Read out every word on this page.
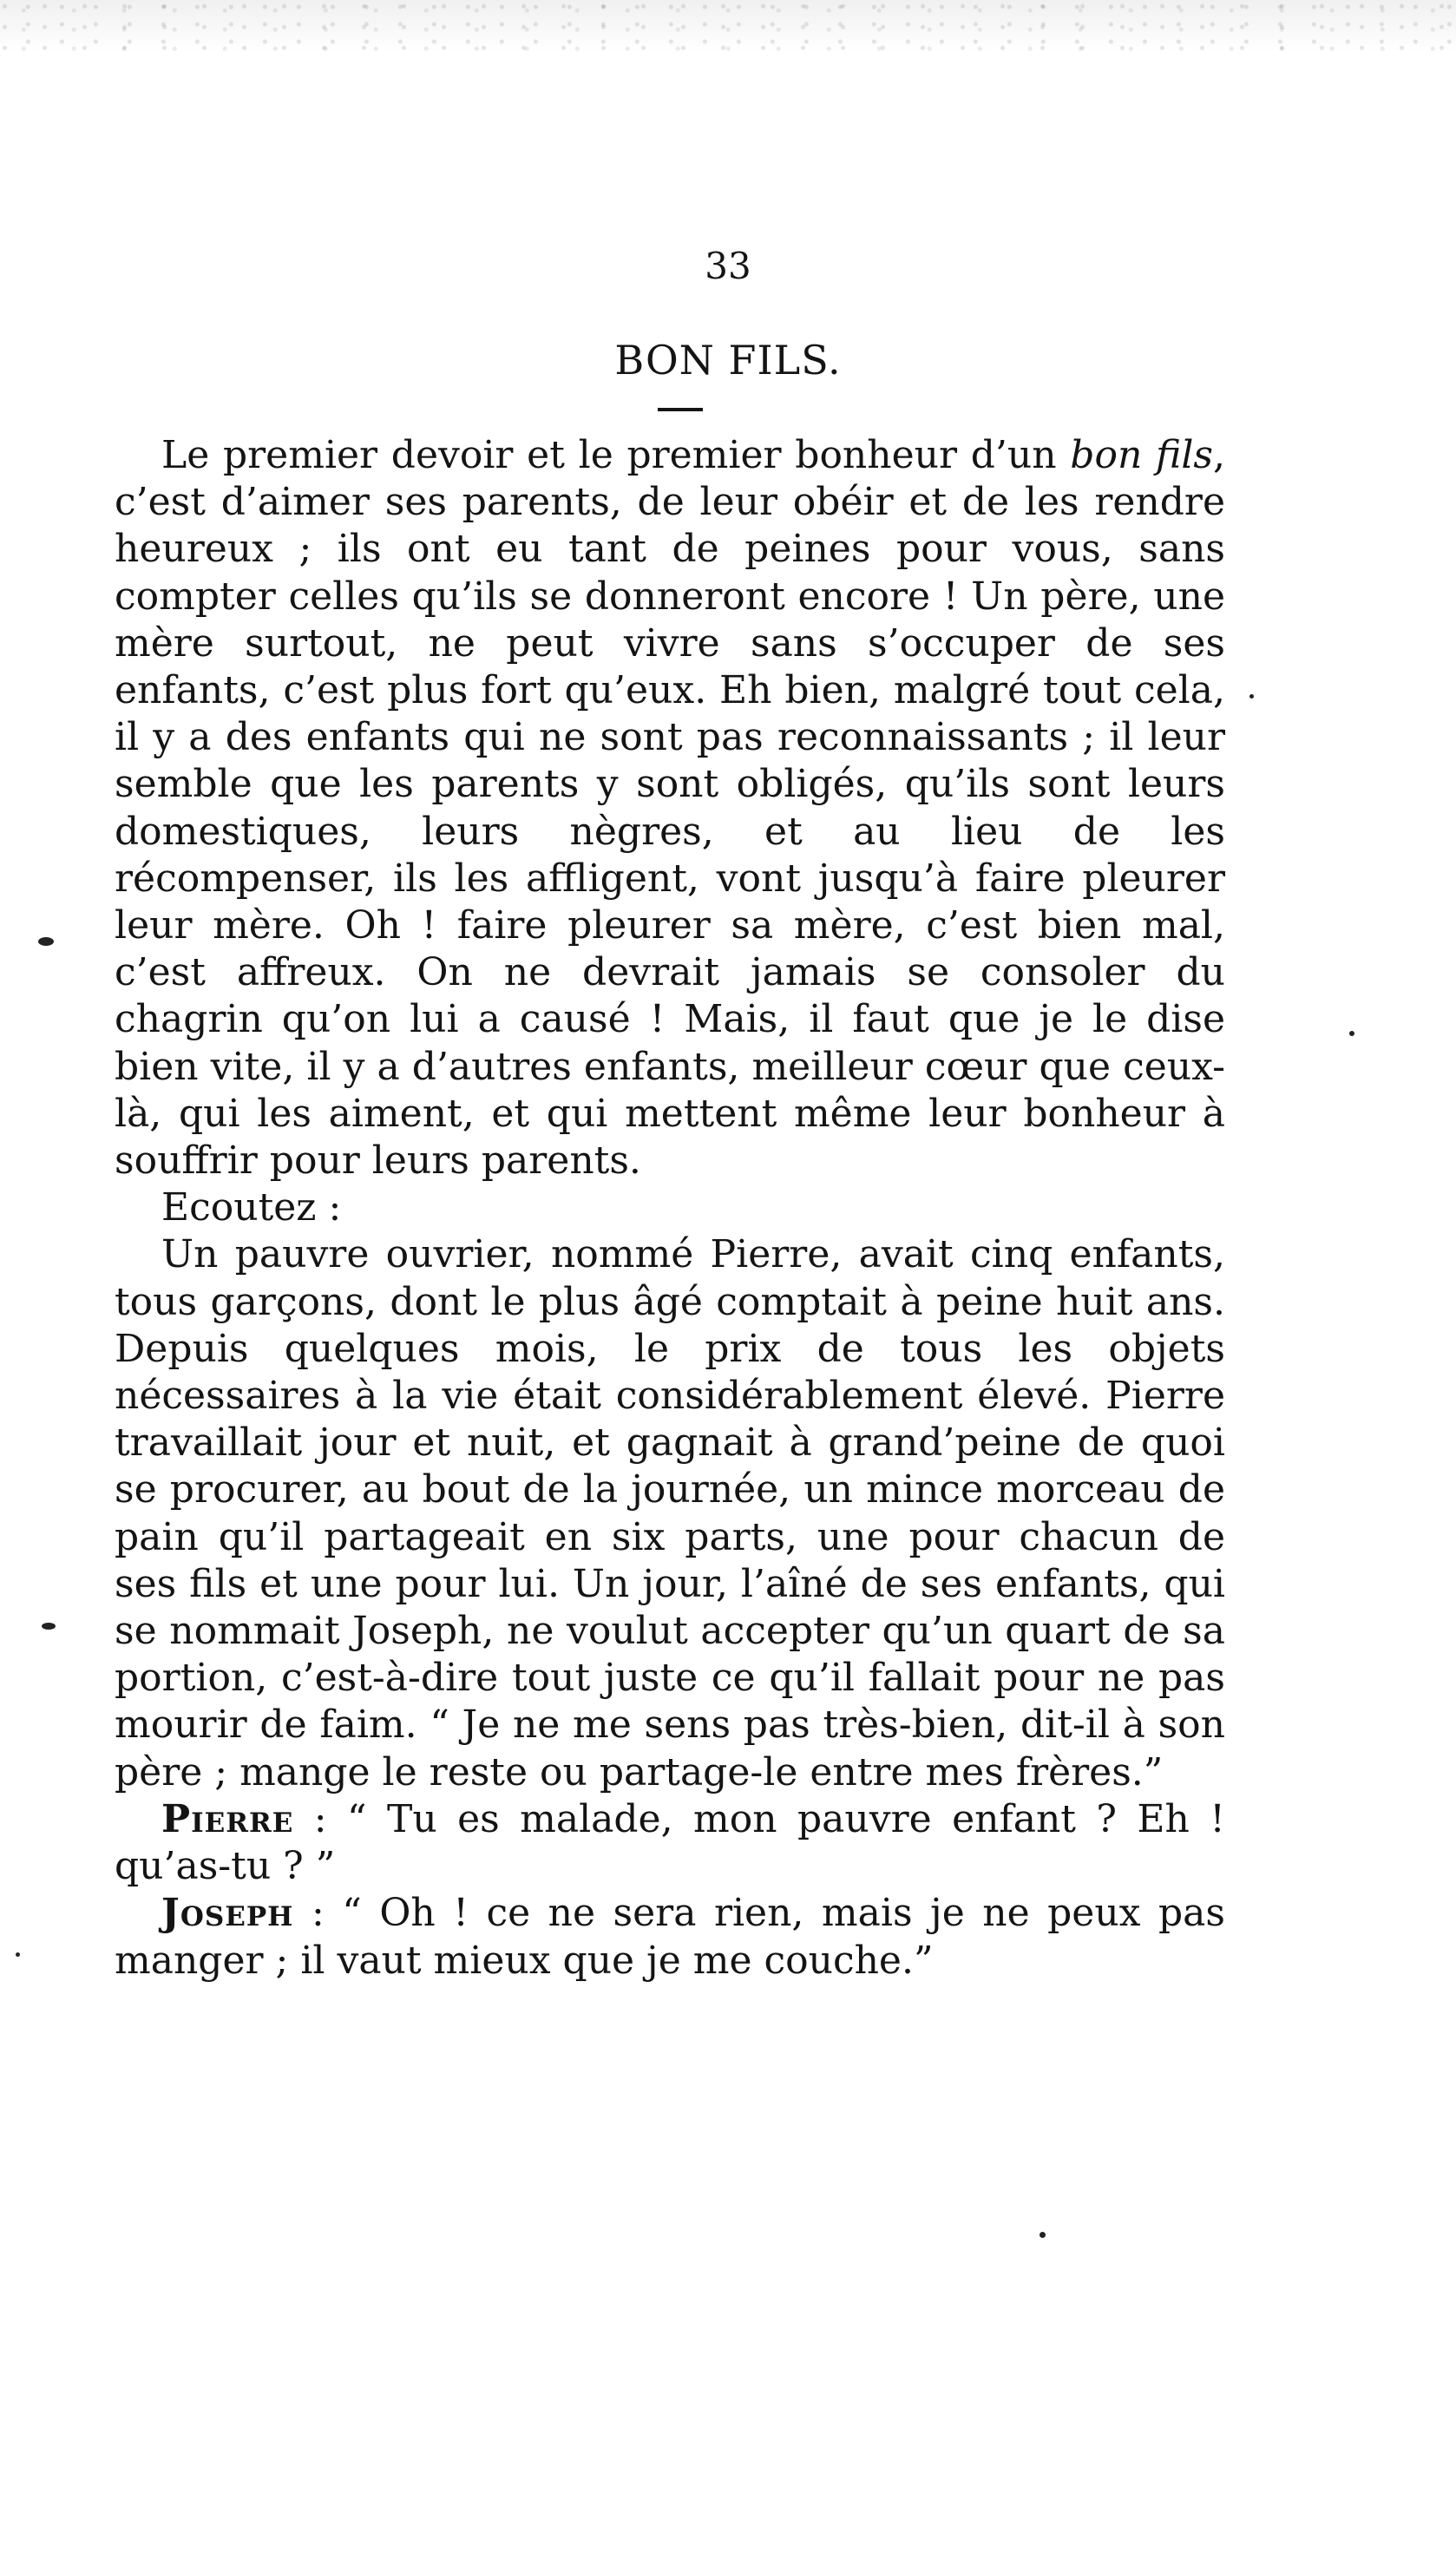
33
BON FILS.

Le premier devoir et le premier bonheur d’un bon fils, c’est d’aimer ses parents, de leur obéir et de les rendre heureux ; ils ont eu tant de peines pour vous, sans compter celles qu’ils se donneront encore ! Un père, une mère surtout, ne peut vivre sans s’occuper de ses enfants, c’est plus fort qu’eux. Eh bien, malgré tout cela, il y a des enfants qui ne sont pas reconnaissants ; il leur semble que les parents y sont obligés, qu’ils sont leurs domestiques, leurs nègres, et au lieu de les récompenser, ils les affligent, vont jusqu’à faire pleurer leur mère. Oh ! faire pleurer sa mère, c’est bien mal, c’est affreux. On ne devrait jamais se consoler du chagrin qu’on lui a causé ! Mais, il faut que je le dise bien vite, il y a d’autres enfants, meilleur cœur que ceux-là, qui les aiment, et qui mettent même leur bonheur à souffrir pour leurs parents.

Ecoutez :

Un pauvre ouvrier, nommé Pierre, avait cinq enfants, tous garçons, dont le plus âgé comptait à peine huit ans. Depuis quelques mois, le prix de tous les objets nécessaires à la vie était considérablement élevé. Pierre travaillait jour et nuit, et gagnait à grand’peine de quoi se procurer, au bout de la journée, un mince morceau de pain qu’il partageait en six parts, une pour chacun de ses fils et une pour lui. Un jour, l’aîné de ses enfants, qui se nommait Joseph, ne voulut accepter qu’un quart de sa portion, c’est-à-dire tout juste ce qu’il fallait pour ne pas mourir de faim. “ Je ne me sens pas très-bien, dit-il à son père ; mange le reste ou partage-le entre mes frères.”

Pierre : “ Tu es malade, mon pauvre enfant ? Eh ! qu’as-tu ? ”

Joseph : “ Oh ! ce ne sera rien, mais je ne peux pas manger ; il vaut mieux que je me couche.”
